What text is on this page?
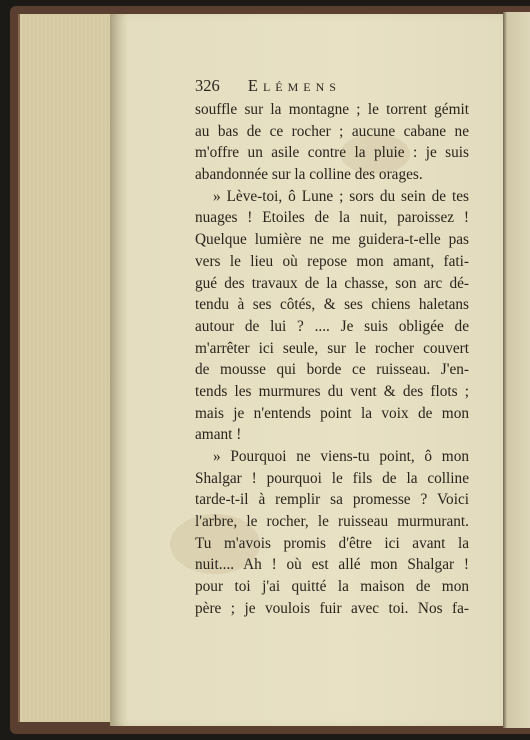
326 Elémens
souffle sur la montagne ; le torrent gémit
au bas de ce rocher ; aucune cabane ne
m'offre un asile contre la pluie : je suis
abandonnée sur la colline des orages.
» Lève-toi, ô Lune ; sors du sein de tes
nuages ! Etoiles de la nuit, paroissez !
Quelque lumière ne me guidera-t-elle pas
vers le lieu où repose mon amant, fati-
gué des travaux de la chasse, son arc dé-
tendu à ses côtés, & ses chiens haletans
autour de lui ? .... Je suis obligée de
m'arrêter ici seule, sur le rocher couvert
de mousse qui borde ce ruisseau. J'en-
tends les murmures du vent & des flots ;
mais je n'entends point la voix de mon
amant !
» Pourquoi ne viens-tu point, ô mon
Shalgar ! pourquoi le fils de la colline
tarde-t-il à remplir sa promesse ? Voici
l'arbre, le rocher, le ruisseau murmurant.
Tu m'avois promis d'être ici avant la
nuit.... Ah ! où est allé mon Shalgar !
pour toi j'ai quitté la maison de mon
père ; je voulois fuir avec toi. Nos fa-
